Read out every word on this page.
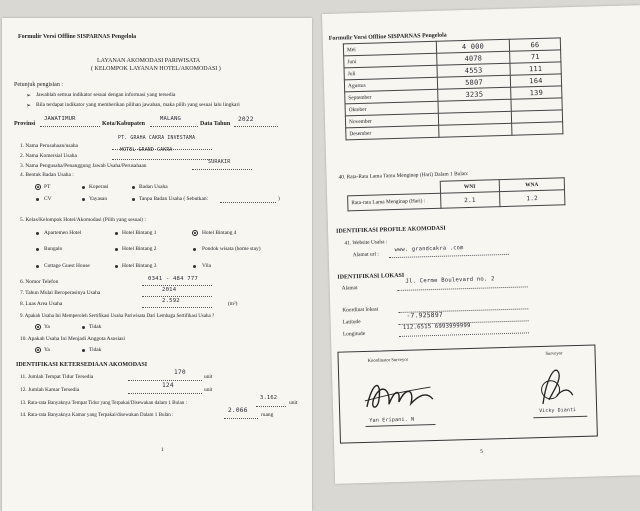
Formulir Versi Offline SISPARNAS Pengelola
LAYANAN AKOMODASI PARIWISATA
( KELOMPOK LAYANAN HOTEL/AKOMODASI )
Petunjuk pengisian :
➢ Jawablah semua indikator sesuai dengan informasi yang tersedia
➢ Bila terdapat indikator yang memberikan pilihan jawaban, maka pilih yang sesuai lalu lingkari
Provinsi
JAWATIMUR
Kota/Kabupaten
MALANG
Data Tahun
2022
1. Nama Perusahaan/usaha
PT. GRAHA CAKRA INVESTAMA
2. Nama Komersial Usaha
HOTEL GRAND CAKRA
3. Nama Pengusaha/Penanggung Jawab Usaha/Perusahaan
SURAKIR
4. Bentuk Badan Usaha :
PT	Koperasi	Badan Usaha
CV	Yayasan	Tanpa Badan Usaha ( Sebutkan:	)
5. Kelas/Kelompok Hotel/Akomodasi (Pilih yang sesuai) :
Apartemen Hotel	Hotel Bintang 1	Hotel Bintang 4
Bungalo	Hotel Bintang 2	Pondok wisata (home stay)
Cottage Guest House	Hotel Bintang 3	Vila
6. Nomor Telefon	0341 - 484 777
7. Tahun Mulai Beroperasinya Usaha	2014
8. Luas Area Usaha	2.592	(m²)
9. Apakah Usaha Ini Memperoleh Sertifikasi Usaha Pariwisata Dari Lembaga Sertifikasi Usaha ?
Ya	Tidak
10. Apakah Usaha Ini Menjadi Anggota Asosiasi
Ya	Tidak
IDENTIFIKASI KETERSEDIAAN AKOMODASI
11. Jumlah Tempat Tidur Tersedia
170
unit
12. Jumlah Kamar Tersedia
124
unit
13. Rata-rata Banyaknya Tempat Tidur yang Terpakai/Disewakan dalam 1 Bulan :
3.162
unit
14. Rata-rata Banyaknya Kamar yang Terpakai/disewakan Dalam 1 Bulan :
2.066
ruang
1
Formulir Versi Offline SISPARNAS Pengelola
Mei	4 000	66
Juni	4078	71
Juli	4553	111
Agustus	5807	164
September	3235	139
Oktober		
November		
Desember		
40. Rata-Rata Lama Tamu Menginap (Hari) Dalam 1 Bulan:
	WNI	WNA
Rata-rata Lama Menginap (Hari) :	2.1	1.2
IDENTIFIKASI PROFILE AKOMODASI
41. Website Usaha :
Alamat url :
www. grandcakra .com
IDENTIFIKASI LOKASI
Alamat
Jl. Cerme Boulevard no. 2
Koordinat lokasi
Latitude
-7.925897
Longitude
112.6515 6993999999
Koordinator Surveyor
Surveyor
Yan Eripani. N
Vicky Dianti
5
